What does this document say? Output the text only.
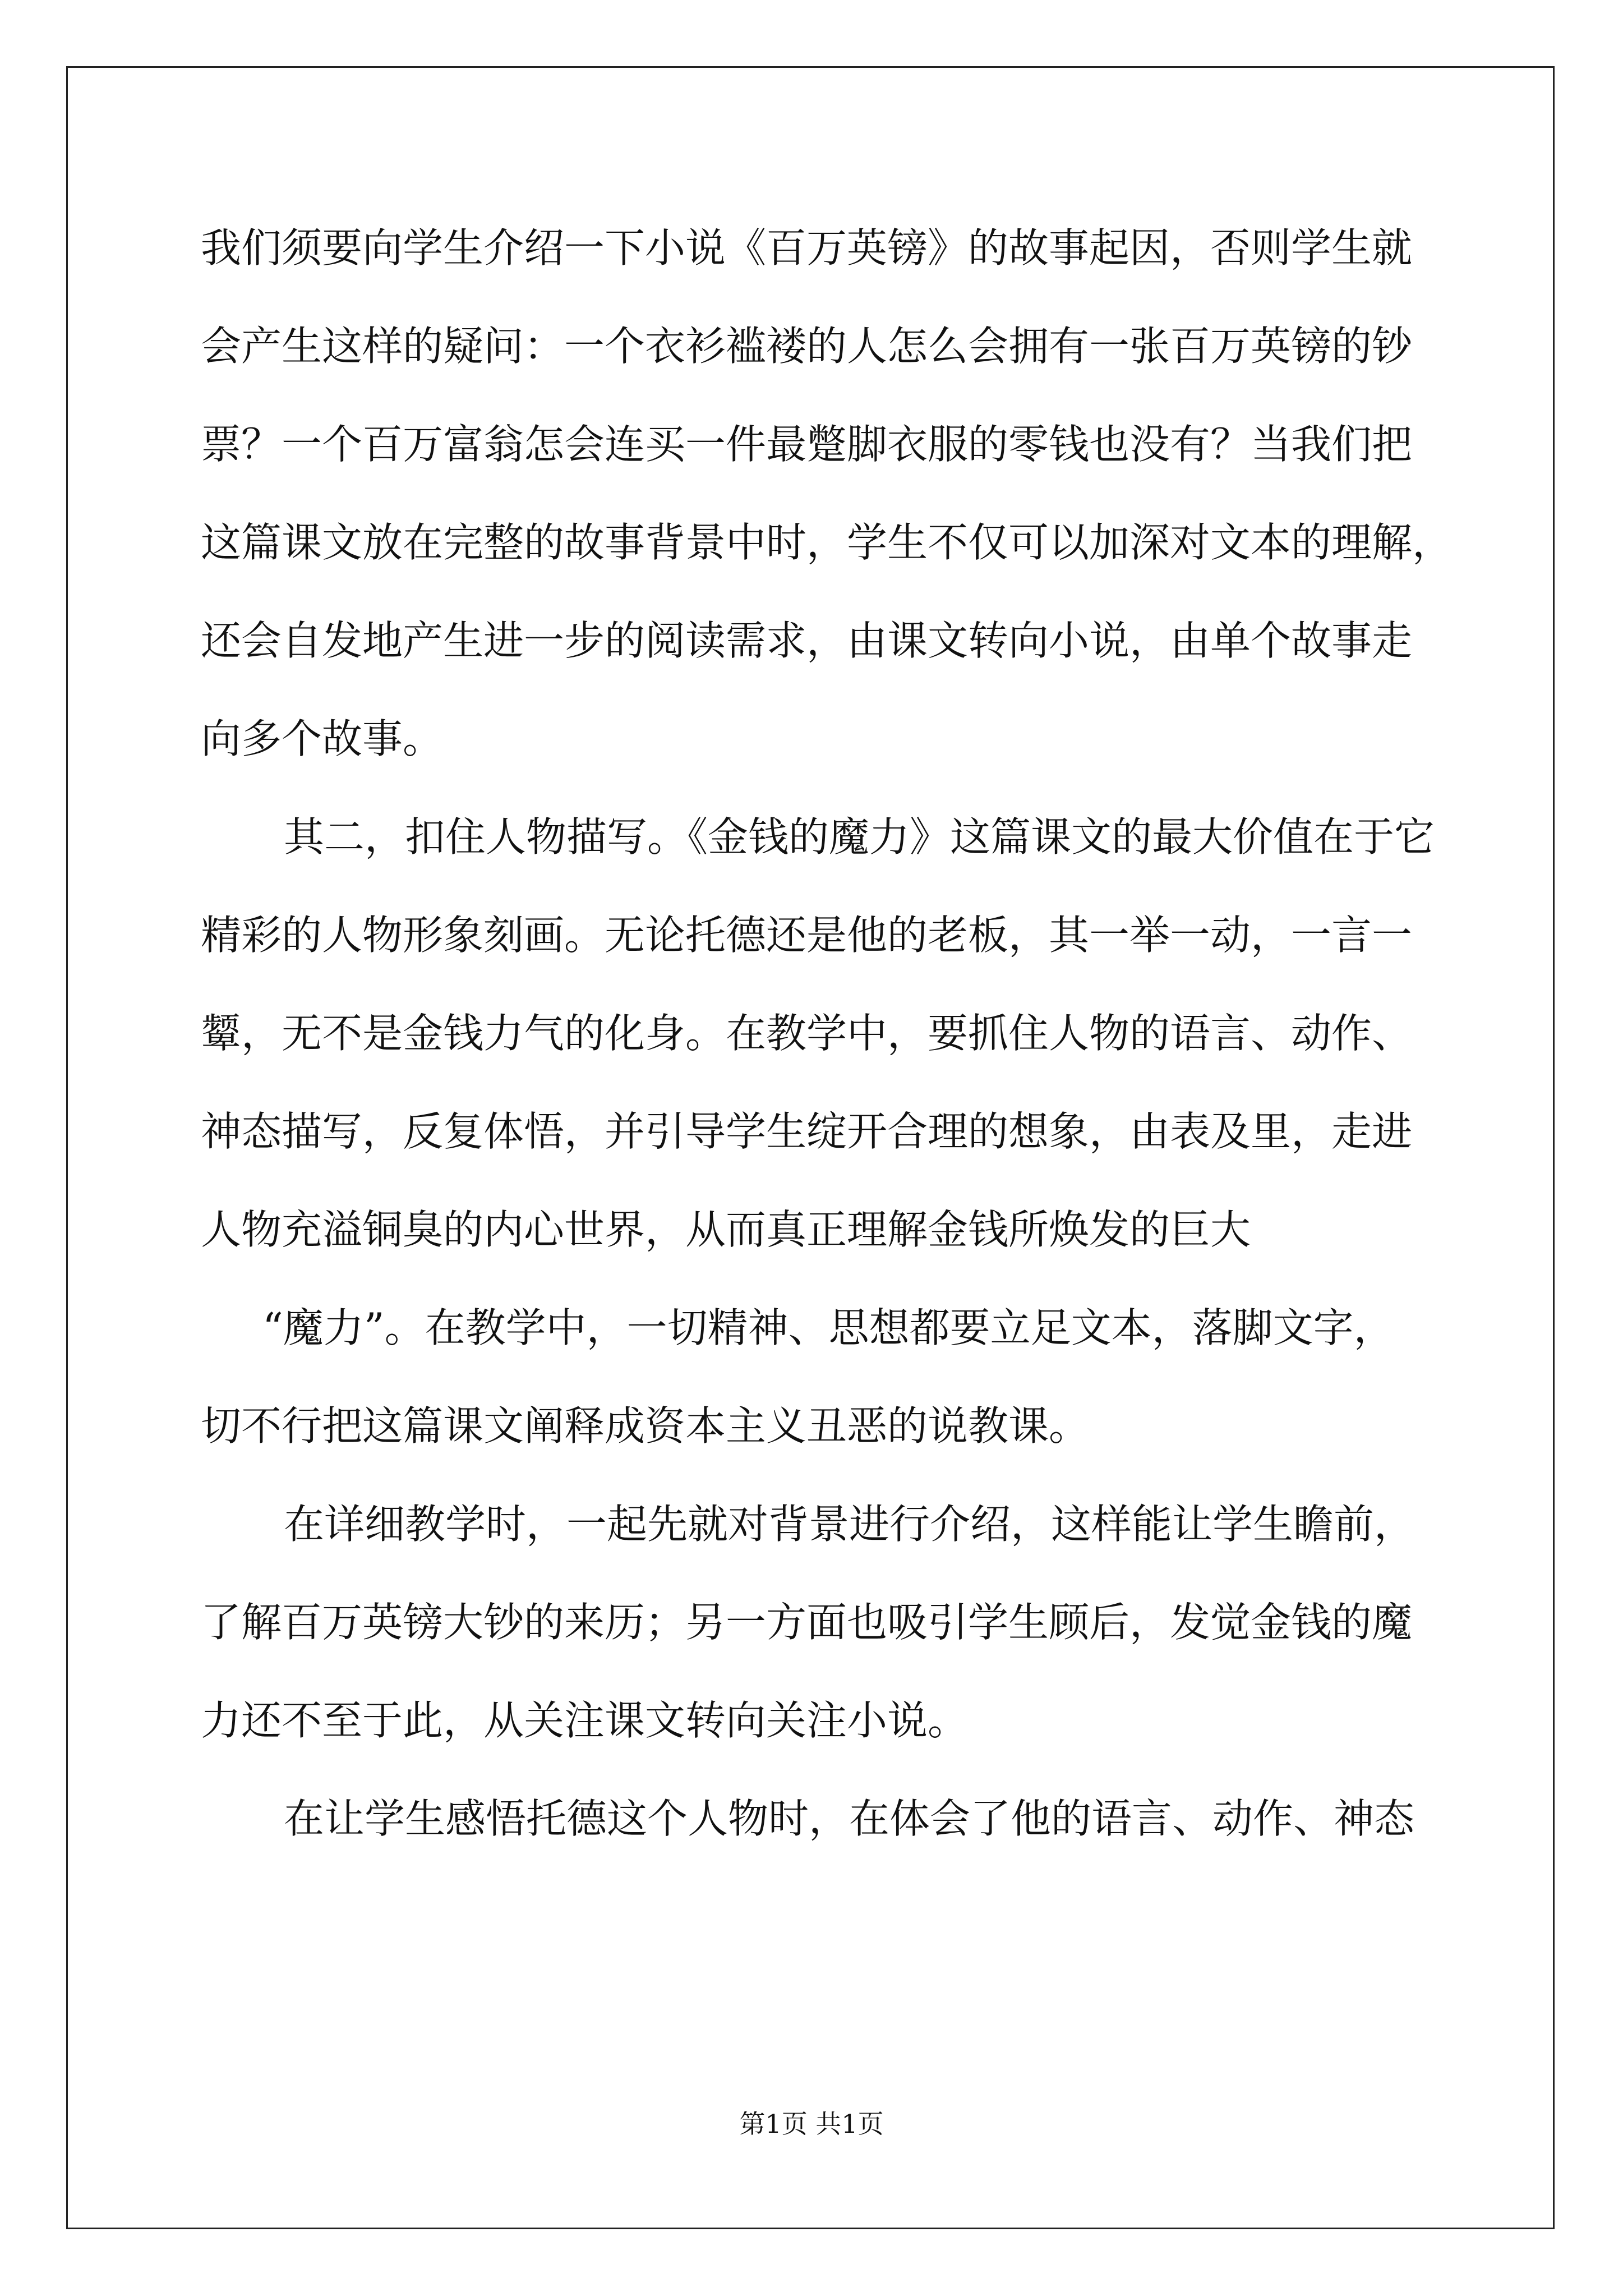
我们须要向学生介绍一下小说《百万英镑》的故事起因，否则学生就
会产生这样的疑问：一个衣衫褴褛的人怎么会拥有一张百万英镑的钞
票？一个百万富翁怎会连买一件最蹩脚衣服的零钱也没有？当我们把
这篇课文放在完整的故事背景中时，学生不仅可以加深对文本的理解，
还会自发地产生进一步的阅读需求，由课文转向小说，由单个故事走
向多个故事。
其二，扣住人物描写。《金钱的魔力》这篇课文的最大价值在于它
精彩的人物形象刻画。无论托德还是他的老板，其一举一动，一言一
颦，无不是金钱力气的化身。在教学中，要抓住人物的语言、动作、
神态描写，反复体悟，并引导学生绽开合理的想象，由表及里，走进
人物充溢铜臭的内心世界，从而真正理解金钱所焕发的巨大
“魔力”。在教学中，一切精神、思想都要立足文本，落脚文字，
切不行把这篇课文阐释成资本主义丑恶的说教课。
在详细教学时，一起先就对背景进行介绍，这样能让学生瞻前，
了解百万英镑大钞的来历；另一方面也吸引学生顾后，发觉金钱的魔
力还不至于此，从关注课文转向关注小说。
在让学生感悟托德这个人物时，在体会了他的语言、动作、神态
第1页 共1页
